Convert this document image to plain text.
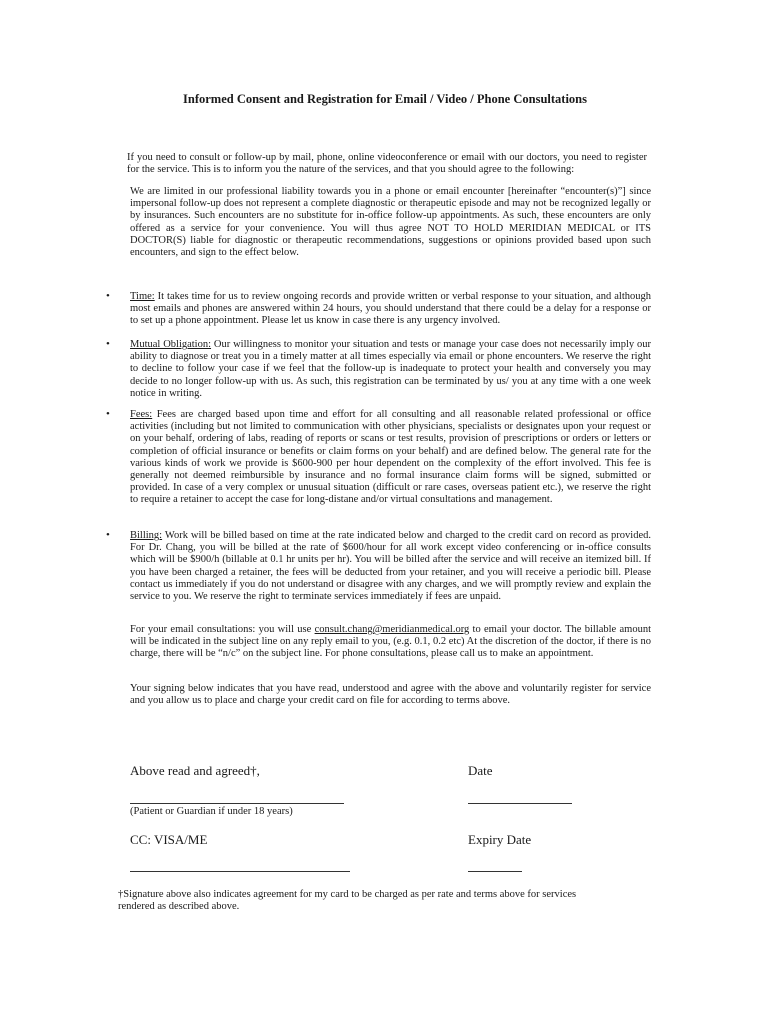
Informed Consent and Registration for Email / Video / Phone Consultations

If you need to consult or follow-up by mail, phone, online videoconference or email with our doctors, you need to register for the service. This is to inform you the nature of the services, and that you should agree to the following:

We are limited in our professional liability towards you in a phone or email encounter [hereinafter “encounter(s)”] since impersonal follow-up does not represent a complete diagnostic or therapeutic episode and may not be recognized legally or by insurances. Such encounters are no substitute for in-office follow-up appointments. As such, these encounters are only offered as a service for your convenience. You will thus agree NOT TO HOLD MERIDIAN MEDICAL or ITS DOCTOR(S) liable for diagnostic or therapeutic recommendations, suggestions or opinions provided based upon such encounters, and sign to the effect below.

• Time: It takes time for us to review ongoing records and provide written or verbal response to your situation, and although most emails and phones are answered within 24 hours, you should understand that there could be a delay for a response or to set up a phone appointment. Please let us know in case there is any urgency involved.

• Mutual Obligation: Our willingness to monitor your situation and tests or manage your case does not necessarily imply our ability to diagnose or treat you in a timely matter at all times especially via email or phone encounters. We reserve the right to decline to follow your case if we feel that the follow-up is inadequate to protect your health and conversely you may decide to no longer follow-up with us. As such, this registration can be terminated by us/ you at any time with a one week notice in writing.

• Fees: Fees are charged based upon time and effort for all consulting and all reasonable related professional or office activities (including but not limited to communication with other physicians, specialists or designates upon your request or on your behalf, ordering of labs, reading of reports or scans or test results, provision of prescriptions or orders or letters or completion of official insurance or benefits or claim forms on your behalf) and are defined below. The general rate for the various kinds of work we provide is $600-900 per hour dependent on the complexity of the effort involved. This fee is generally not deemed reimbursible by insurance and no formal insurance claim forms will be signed, submitted or provided. In case of a very complex or unusual situation (difficult or rare cases, overseas patient etc.), we reserve the right to require a retainer to accept the case for long-distane and/or virtual consultations and management.

• Billing: Work will be billed based on time at the rate indicated below and charged to the credit card on record as provided. For Dr. Chang, you will be billed at the rate of $600/hour for all work except video conferencing or in-office consults which will be $900/h (billable at 0.1 hr units per hr). You will be billed after the service and will receive an itemized bill. If you have been charged a retainer, the fees will be deducted from your retainer, and you will receive a periodic bill. Please contact us immediately if you do not understand or disagree with any charges, and we will promptly review and explain the service to you. We reserve the right to terminate services immediately if fees are unpaid.

For your email consultations: you will use consult.chang@meridianmedical.org to email your doctor. The billable amount will be indicated in the subject line on any reply email to you, (e.g. 0.1, 0.2 etc) At the discretion of the doctor, if there is no charge, there will be “n/c” on the subject line. For phone consultations, please call us to make an appointment.

Your signing below indicates that you have read, understood and agree with the above and voluntarily register for service and you allow us to place and charge your credit card on file for according to terms above.

Above read and agreed†,	Date
(Patient or Guardian if under 18 years)
CC: VISA/ME	Expiry Date

†Signature above also indicates agreement for my card to be charged as per rate and terms above for services rendered as described above.
